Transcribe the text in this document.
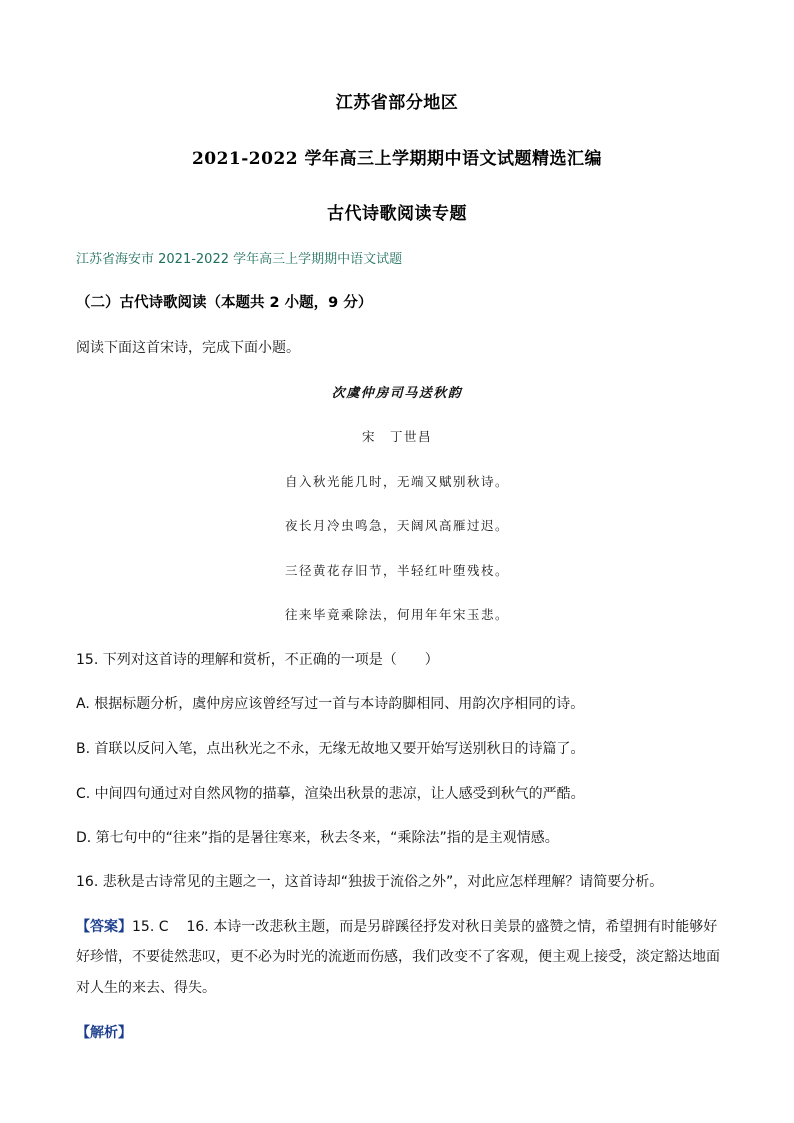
江苏省部分地区

2021-2022 学年高三上学期期中语文试题精选汇编

古代诗歌阅读专题

江苏省海安市 2021-2022 学年高三上学期期中语文试题

（二）古代诗歌阅读（本题共 2 小题，9 分）

阅读下面这首宋诗，完成下面小题。

次虞仲房司马送秋韵

宋　丁世昌

自入秋光能几时，无端又赋别秋诗。

夜长月冷虫鸣急，天阔风高雁过迟。

三径黄花存旧节，半轻红叶堕残枝。

往来毕竟乘除法，何用年年宋玉悲。

15. 下列对这首诗的理解和赏析，不正确的一项是（　　）

A. 根据标题分析，虞仲房应该曾经写过一首与本诗韵脚相同、用韵次序相同的诗。

B. 首联以反问入笔，点出秋光之不永，无缘无故地又要开始写送别秋日的诗篇了。

C. 中间四句通过对自然风物的描摹，渲染出秋景的悲凉，让人感受到秋气的严酷。

D. 第七句中的“往来”指的是暑往寒来，秋去冬来，“乘除法”指的是主观情感。

16. 悲秋是古诗常见的主题之一，这首诗却“独拔于流俗之外”，对此应怎样理解？请简要分析。

【答案】15. C 16. 本诗一改悲秋主题，而是另辟蹊径抒发对秋日美景的盛赞之情，希望拥有时能够好

好珍惜，不要徒然悲叹，更不必为时光的流逝而伤感，我们改变不了客观，便主观上接受，淡定豁达地面

对人生的来去、得失。

【解析】
